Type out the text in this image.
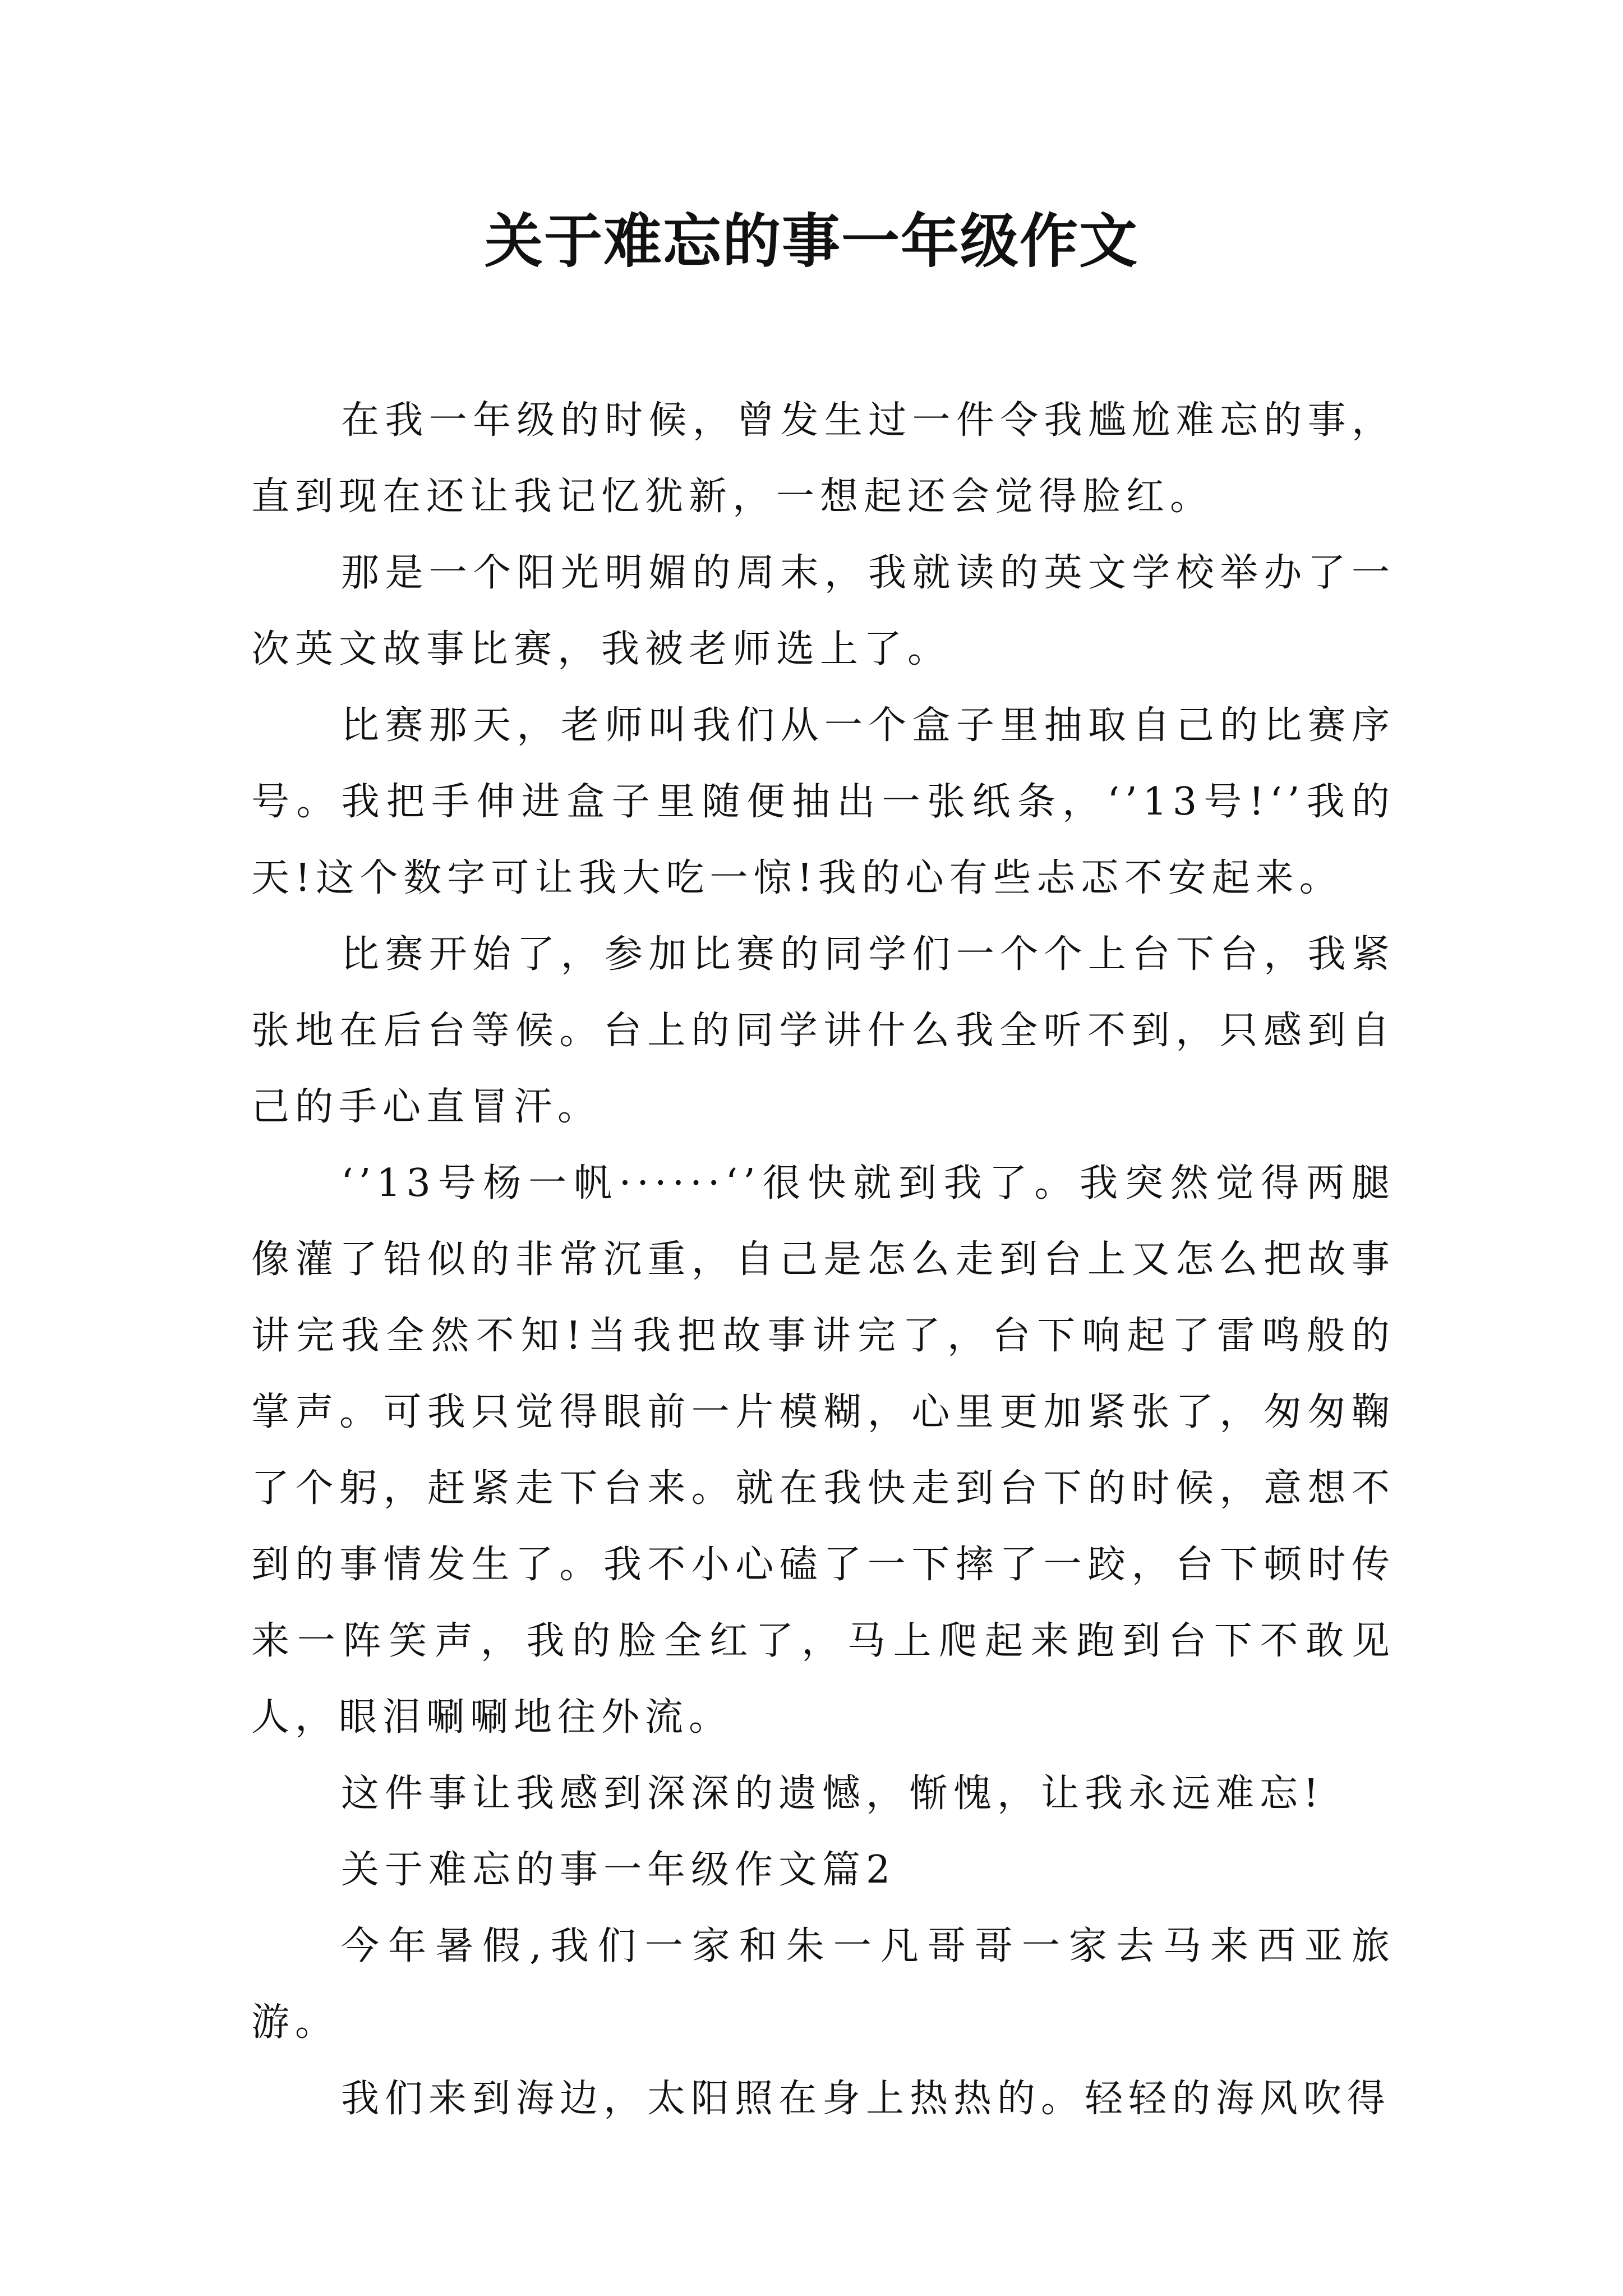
关于难忘的事一年级作文

在我一年级的时候，曾发生过一件令我尴尬难忘的事，直到现在还让我记忆犹新，一想起还会觉得脸红。

那是一个阳光明媚的周末，我就读的英文学校举办了一次英文故事比赛，我被老师选上了。

比赛那天，老师叫我们从一个盒子里抽取自己的比赛序号。我把手伸进盒子里随便抽出一张纸条，‘’13号!‘’我的天!这个数字可让我大吃一惊!我的心有些忐忑不安起来。

比赛开始了，参加比赛的同学们一个个上台下台，我紧张地在后台等候。台上的同学讲什么我全听不到，只感到自己的手心直冒汗。

‘’13号杨一帆······‘’很快就到我了。我突然觉得两腿像灌了铅似的非常沉重，自己是怎么走到台上又怎么把故事讲完我全然不知!当我把故事讲完了，台下响起了雷鸣般的掌声。可我只觉得眼前一片模糊，心里更加紧张了，匆匆鞠了个躬，赶紧走下台来。就在我快走到台下的时候，意想不到的事情发生了。我不小心磕了一下摔了一跤，台下顿时传来一阵笑声，我的脸全红了，马上爬起来跑到台下不敢见人，眼泪唰唰地往外流。

这件事让我感到深深的遗憾，惭愧，让我永远难忘!

关于难忘的事一年级作文篇2

今年暑假,我们一家和朱一凡哥哥一家去马来西亚旅游。

我们来到海边，太阳照在身上热热的。轻轻的海风吹得
